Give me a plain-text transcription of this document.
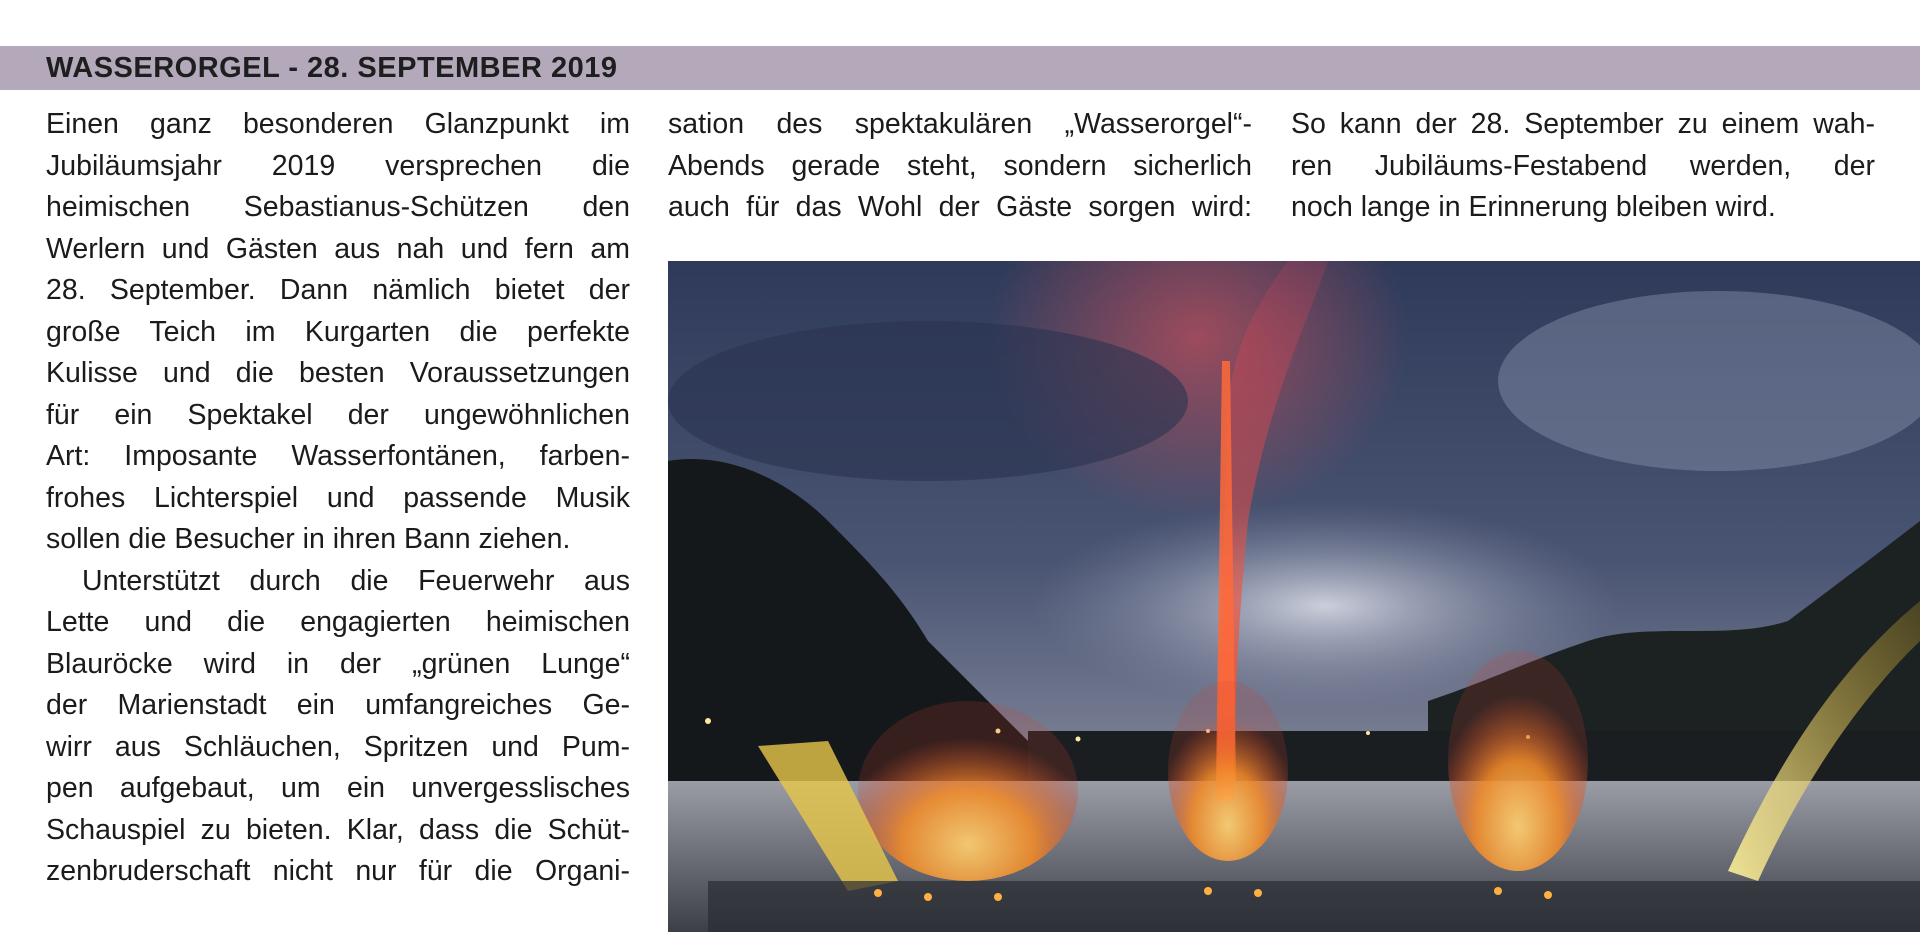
WASSERORGEL - 28. SEPTEMBER 2019
Einen ganz besonderen Glanzpunkt im
Jubiläumsjahr 2019 versprechen die
heimischen Sebastianus-Schützen den
Werlern und Gästen aus nah und fern am
28. September. Dann nämlich bietet der
große Teich im Kurgarten die perfekte
Kulisse und die besten Voraussetzungen
für ein Spektakel der ungewöhnlichen
Art: Imposante Wasserfontänen, farben-
frohes Lichterspiel und passende Musik
sollen die Besucher in ihren Bann ziehen.
Unterstützt durch die Feuerwehr aus
Lette und die engagierten heimischen
Blauröcke wird in der „grünen Lunge“
der Marienstadt ein umfangreiches Ge-
wirr aus Schläuchen, Spritzen und Pum-
pen aufgebaut, um ein unvergesslisches
Schauspiel zu bieten. Klar, dass die Schüt-
zenbruderschaft nicht nur für die Organi-
sation des spektakulären „Wasserorgel“-
Abends gerade steht, sondern sicherlich
auch für das Wohl der Gäste sorgen wird:
So kann der 28. September zu einem wah-
ren Jubiläums-Festabend werden, der
noch lange in Erinnerung bleiben wird.
